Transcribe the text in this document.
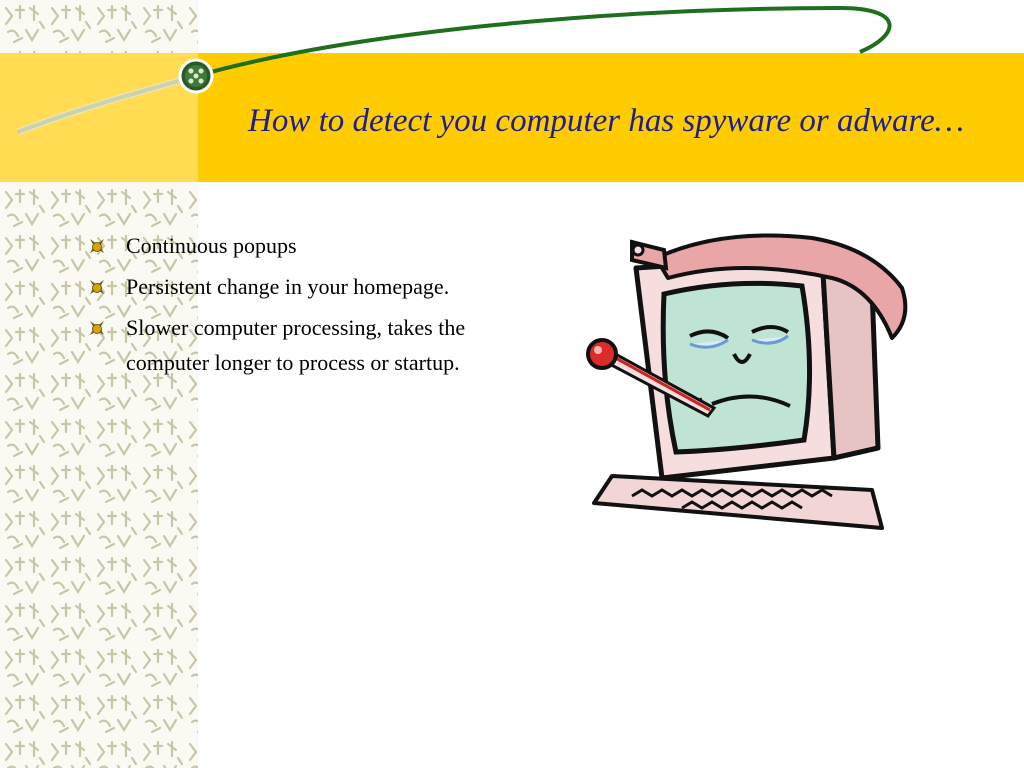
How to detect you computer has spyware or adware…
Continuous popups
Persistent change in your homepage.
Slower computer processing, takes the computer longer to process or startup.
